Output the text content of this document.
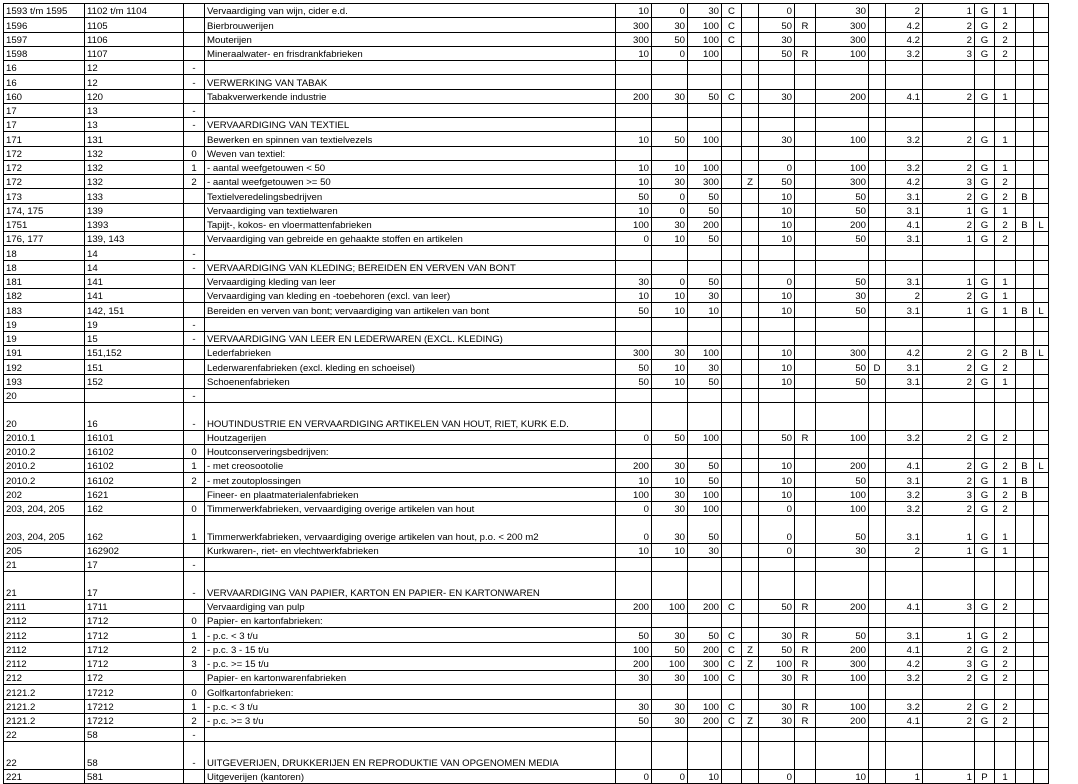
1593 t/m 1595	1102 t/m 1104		Vervaardiging van wijn, cider e.d.	10	0	30	C		0		30		2	1	G	1		
1596	1105		Bierbrouwerijen	300	30	100	C		50	R	300		4.2	2	G	2		
1597	1106		Mouterijen	300	50	100	C		30		300		4.2	2	G	2		
1598	1107		Mineraalwater- en frisdrankfabrieken	10	0	100			50	R	100		3.2	3	G	2		
16	12	-																
16	12	-	VERWERKING VAN TABAK															
160	120		Tabakverwerkende industrie	200	30	50	C		30		200		4.1	2	G	1		
17	13	-																
17	13	-	VERVAARDIGING VAN TEXTIEL															
171	131		Bewerken en spinnen van textielvezels	10	50	100			30		100		3.2	2	G	1		
172	132	0	Weven van textiel:															
172	132	1	- aantal weefgetouwen < 50	10	10	100			0		100		3.2	2	G	1		
172	132	2	- aantal weefgetouwen >= 50	10	30	300		Z	50		300		4.2	3	G	2		
173	133		Textielveredelingsbedrijven	50	0	50			10		50		3.1	2	G	2	B	
174, 175	139		Vervaardiging van textielwaren	10	0	50			10		50		3.1	1	G	1		
1751	1393		Tapijt-, kokos- en vloermattenfabrieken	100	30	200			10		200		4.1	2	G	2	B	L
176, 177	139, 143		Vervaardiging van gebreide en gehaakte stoffen en artikelen	0	10	50			10		50		3.1	1	G	2		
18	14	-																
18	14	-	VERVAARDIGING VAN KLEDING; BEREIDEN EN VERVEN VAN BONT															
181	141		Vervaardiging kleding van leer	30	0	50			0		50		3.1	1	G	1		
182	141		Vervaardiging van kleding en -toebehoren (excl. van leer)	10	10	30			10		30		2	2	G	1		
183	142, 151		Bereiden en verven van bont; vervaardiging van artikelen van bont	50	10	10			10		50		3.1	1	G	1	B	L
19	19	-																
19	15	-	VERVAARDIGING VAN LEER EN LEDERWAREN (EXCL. KLEDING)															
191	151,152		Lederfabrieken	300	30	100			10		300		4.2	2	G	2	B	L
192	151		Lederwarenfabrieken (excl. kleding en schoeisel)	50	10	30			10		50	D	3.1	2	G	2		
193	152		Schoenenfabrieken	50	10	50			10		50		3.1	2	G	1		
20		-																
20	16	-	HOUTINDUSTRIE EN VERVAARDIGING ARTIKELEN VAN HOUT, RIET, KURK E.D.															
2010.1	16101		Houtzagerijen	0	50	100			50	R	100		3.2	2	G	2		
2010.2	16102	0	Houtconserveringsbedrijven:															
2010.2	16102	1	- met creosootolie	200	30	50			10		200		4.1	2	G	2	B	L
2010.2	16102	2	- met zoutoplossingen	10	10	50			10		50		3.1	2	G	1	B	
202	1621		Fineer- en plaatmaterialenfabrieken	100	30	100			10		100		3.2	3	G	2	B	
203, 204, 205	162	0	Timmerwerkfabrieken, vervaardiging overige artikelen van hout	0	30	100			0		100		3.2	2	G	2		
203, 204, 205	162	1	Timmerwerkfabrieken, vervaardiging overige artikelen van hout, p.o. < 200 m2	0	30	50			0		50		3.1	1	G	1		
205	162902		Kurkwaren-, riet- en vlechtwerkfabrieken	10	10	30			0		30		2	1	G	1		
21	17	-																
21	17	-	VERVAARDIGING VAN PAPIER, KARTON EN PAPIER- EN KARTONWAREN															
2111	1711		Vervaardiging van pulp	200	100	200	C		50	R	200		4.1	3	G	2		
2112	1712	0	Papier- en kartonfabrieken:															
2112	1712	1	- p.c. < 3 t/u	50	30	50	C		30	R	50		3.1	1	G	2		
2112	1712	2	- p.c. 3 - 15 t/u	100	50	200	C	Z	50	R	200		4.1	2	G	2		
2112	1712	3	- p.c. >= 15 t/u	200	100	300	C	Z	100	R	300		4.2	3	G	2		
212	172		Papier- en kartonwarenfabrieken	30	30	100	C		30	R	100		3.2	2	G	2		
2121.2	17212	0	Golfkartonfabrieken:															
2121.2	17212	1	- p.c. < 3 t/u	30	30	100	C		30	R	100		3.2	2	G	2		
2121.2	17212	2	- p.c. >= 3 t/u	50	30	200	C	Z	30	R	200		4.1	2	G	2		
22	58	-																
22	58	-	UITGEVERIJEN, DRUKKERIJEN EN REPRODUKTIE VAN OPGENOMEN MEDIA															
221	581		Uitgeverijen (kantoren)	0	0	10			0		10		1	1	P	1		
